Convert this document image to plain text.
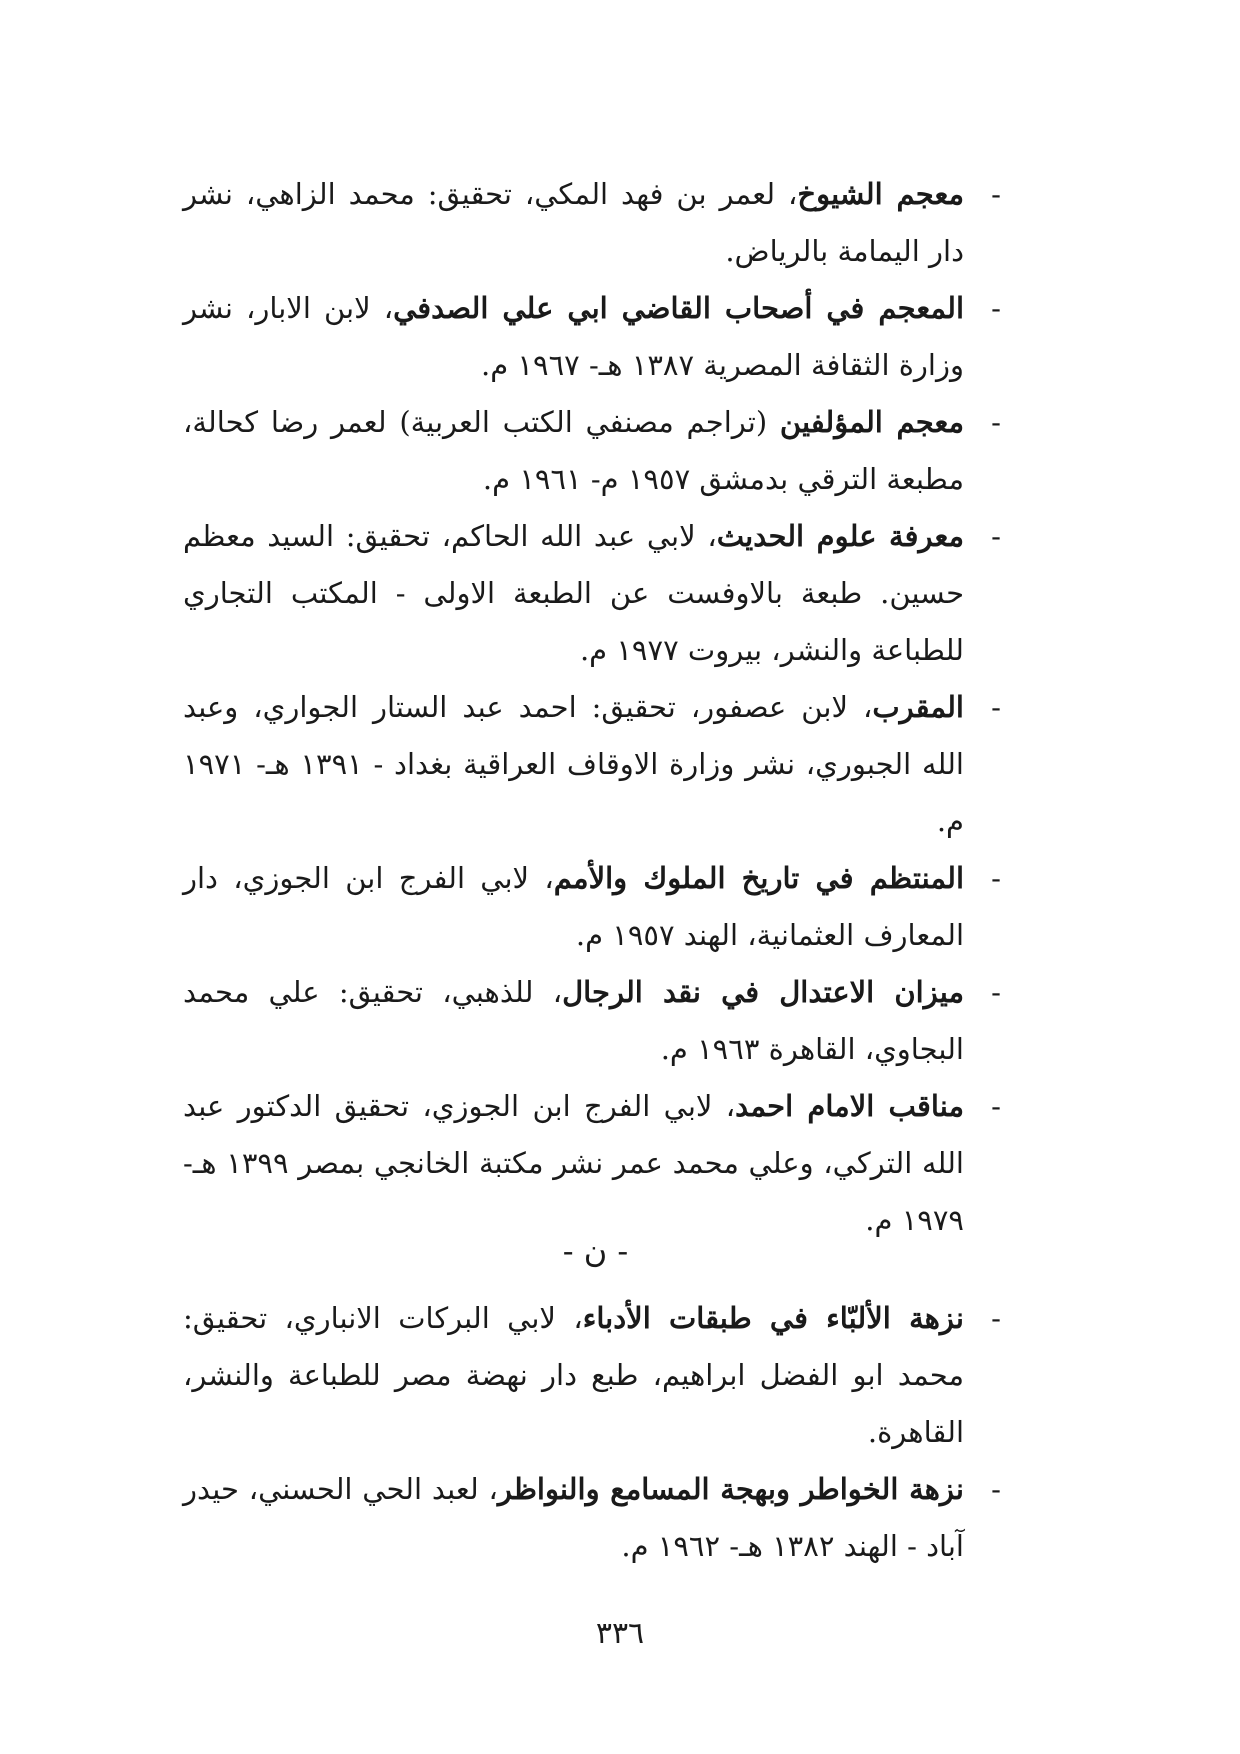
-
معجم الشيوخ، لعمر بن فهد المكي، تحقيق: محمد الزاهي، نشر دار اليمامة بالرياض.
-
المعجم في أصحاب القاضي ابي علي الصدفي، لابن الابار، نشر وزارة الثقافة المصرية ١٣٨٧ هـ- ١٩٦٧ م.
-
معجم المؤلفين (تراجم مصنفي الكتب العربية) لعمر رضا كحالة، مطبعة الترقي بدمشق ١٩٥٧ م- ١٩٦١ م.
-
معرفة علوم الحديث، لابي عبد الله الحاكم، تحقيق: السيد معظم حسين. طبعة بالاوفست عن الطبعة الاولى - المكتب التجاري للطباعة والنشر، بيروت ١٩٧٧ م.
-
المقرب، لابن عصفور، تحقيق: احمد عبد الستار الجواري، وعبد الله الجبوري، نشر وزارة الاوقاف العراقية بغداد - ١٣٩١ هـ- ١٩٧١ م.
-
المنتظم في تاريخ الملوك والأمم، لابي الفرج ابن الجوزي، دار المعارف العثمانية، الهند ١٩٥٧ م.
-
ميزان الاعتدال في نقد الرجال، للذهبي، تحقيق: علي محمد البجاوي، القاهرة ١٩٦٣ م.
-
مناقب الامام احمد، لابي الفرج ابن الجوزي، تحقيق الدكتور عبد الله التركي، وعلي محمد عمر نشر مكتبة الخانجي بمصر ١٣٩٩ هـ- ١٩٧٩ م.
- ن -
-
نزهة الألبّاء في طبقات الأدباء، لابي البركات الانباري، تحقيق: محمد ابو الفضل ابراهيم، طبع دار نهضة مصر للطباعة والنشر، القاهرة.
-
نزهة الخواطر وبهجة المسامع والنواظر، لعبد الحي الحسني، حيدر آباد - الهند ١٣٨٢ هـ- ١٩٦٢ م.
٣٣٦
